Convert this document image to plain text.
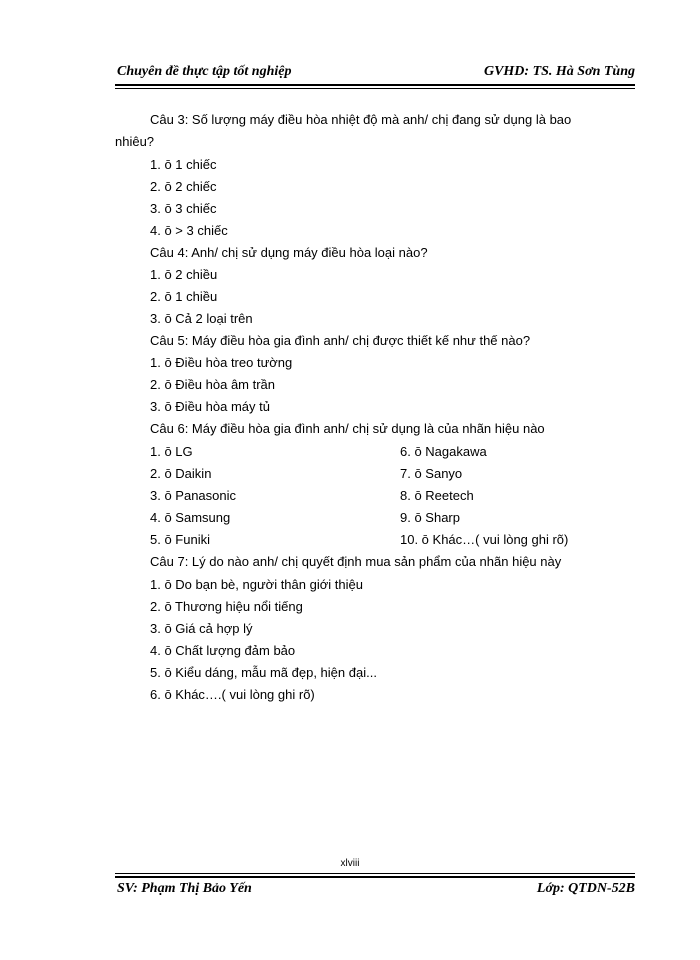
Chuyên đề thực tập tốt nghiệp	GVHD: TS. Hà Sơn Tùng
Câu 3: Số lượng máy điều hòa nhiệt độ mà anh/ chị đang sử dụng là bao
nhiêu?
1. ō 1 chiếc
2. ō 2 chiếc
3. ō 3 chiếc
4. ō > 3 chiếc
Câu 4: Anh/ chị sử dụng máy điều hòa loại nào?
1. ō 2 chiều
2. ō 1 chiều
3. ō Cả 2 loại trên
Câu 5: Máy điều hòa gia đình anh/ chị được thiết kế như thế nào?
1. ō Điều hòa treo tường
2. ō Điều hòa âm trần
3. ō Điều hòa máy tủ
Câu 6: Máy điều hòa gia đình anh/ chị sử dụng là của nhãn hiệu nào
1. ō LG	6. ō Nagakawa
2. ō Daikin	7. ō Sanyo
3. ō Panasonic	8. ō Reetech
4. ō Samsung	9. ō Sharp
5. ō Funiki	10. ō Khác…( vui lòng ghi rõ)
Câu 7: Lý do nào anh/ chị quyết định mua sản phẩm của nhãn hiệu này
1. ō Do bạn bè, người thân giới thiệu
2. ō Thương hiệu nổi tiếng
3. ō Giá cả hợp lý
4. ō Chất lượng đảm bảo
5. ō Kiểu dáng, mẫu mã đẹp, hiện đại...
6. ō Khác….( vui lòng ghi rõ)
xlviii
SV: Phạm Thị Bảo Yến	Lớp: QTDN-52B
